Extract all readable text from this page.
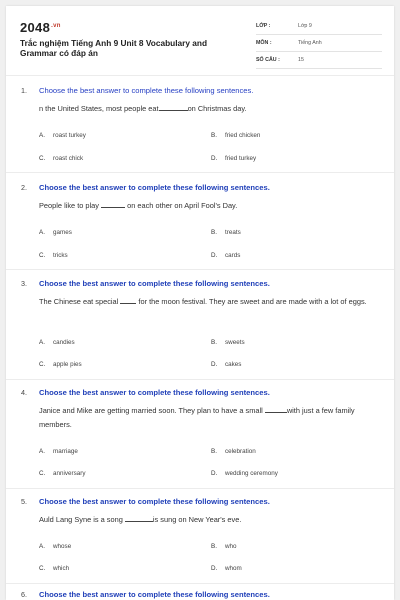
$2048^{.vn}$
Trắc nghiệm Tiếng Anh 9 Unit 8 Vocabulary and Grammar có đáp án
LỚP :	Lớp 9
MÔN :	Tiếng Anh
SỐ CÂU :	15
1. Choose the best answer to complete these following sentences.
n the United States, most people eat	on Christmas day.
A. roast turkey	B. fried chicken
C. roast chick	D. fried turkey
2. Choose the best answer to complete these following sentences.
People like to play	on each other on April Fool's Day.
A. games	B. treats
C. tricks	D. cards
3. Choose the best answer to complete these following sentences.
The Chinese eat special	for the moon festival. They are sweet and are made with a lot of eggs.
A. candies	B. sweets
C. apple pies	D. cakes
4. Choose the best answer to complete these following sentences.
Janice and Mike are getting married soon. They plan to have a small	with just a few family members.
A. marriage	B. celebration
C. anniversary	D. wedding ceremony
5. Choose the best answer to complete these following sentences.
Auld Lang Syne is a song	is sung on New Year's eve.
A. whose	B. who
C. which	D. whom
6. Choose the best answer to complete these following sentences.
